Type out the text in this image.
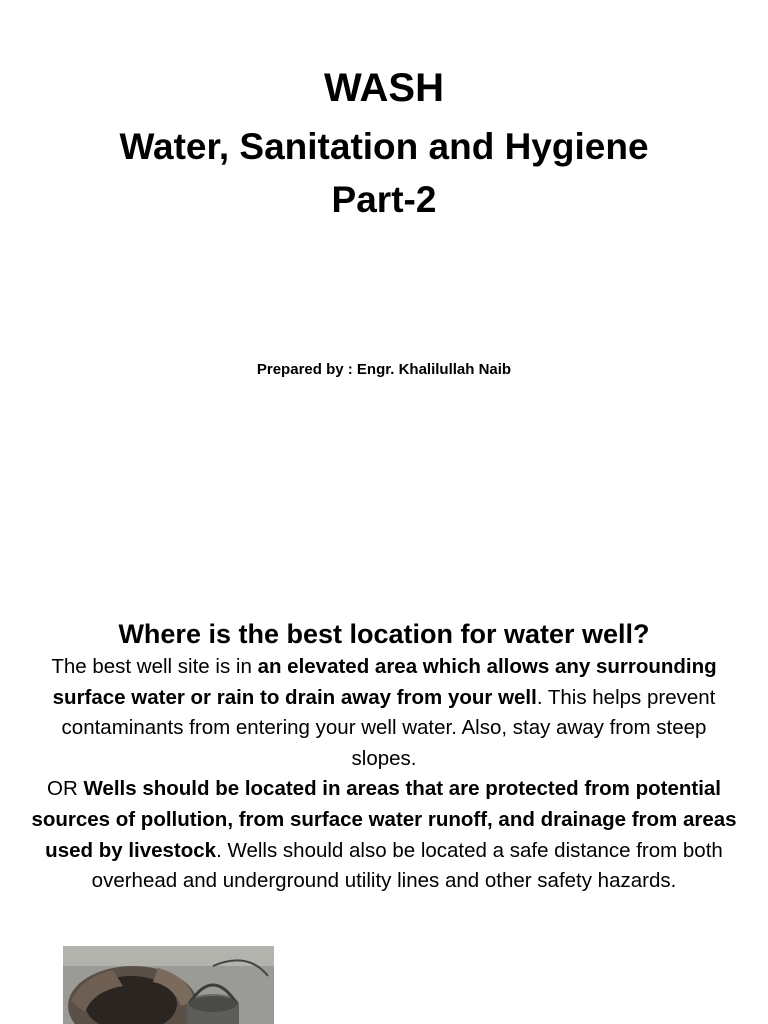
WASH
Water, Sanitation and Hygiene
Part-2
Prepared by : Engr. Khalilullah Naib
Where is the best location for water well?
The best well site is in an elevated area which allows any surrounding surface water or rain to drain away from your well. This helps prevent contaminants from entering your well water. Also, stay away from steep slopes.
OR Wells should be located in areas that are protected from potential sources of pollution, from surface water runoff, and drainage from areas used by livestock. Wells should also be located a safe distance from both overhead and underground utility lines and other safety hazards.
